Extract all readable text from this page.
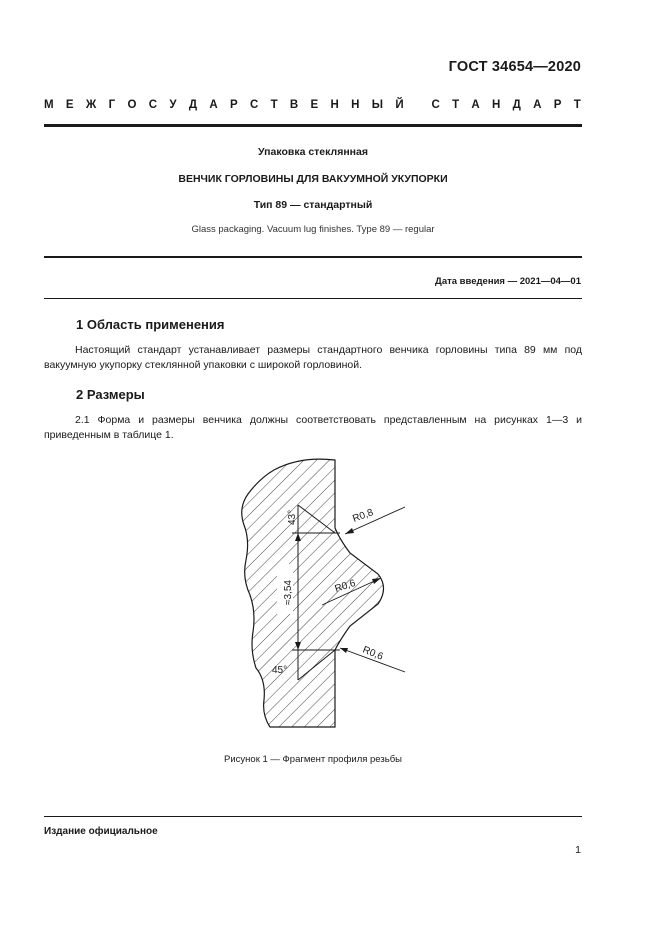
ГОСТ 34654—2020
М Е Ж Г О С У Д А Р С Т В Е Н Н Ы Й
С Т А Н Д А Р Т
Упаковка стеклянная
ВЕНЧИК ГОРЛОВИНЫ ДЛЯ ВАКУУМНОЙ УКУПОРКИ
Тип 89 — стандартный
Glass packaging. Vacuum lug finishes. Type 89 — regular
Дата введения — 2021—04—01
1 Область применения
Настоящий стандарт устанавливает размеры стандартного венчика горловины типа 89 мм под вакуумную укупорку стеклянной упаковки с широкой горловиной.
2 Размеры
2.1 Форма и размеры венчика должны соответствовать представленным на рисунках 1—3 и приведенным в таблице 1.
43°	R0,8
≈3,54	R0,6
R0,6
45°
Рисунок 1 — Фрагмент профиля резьбы
Издание официальное
1
